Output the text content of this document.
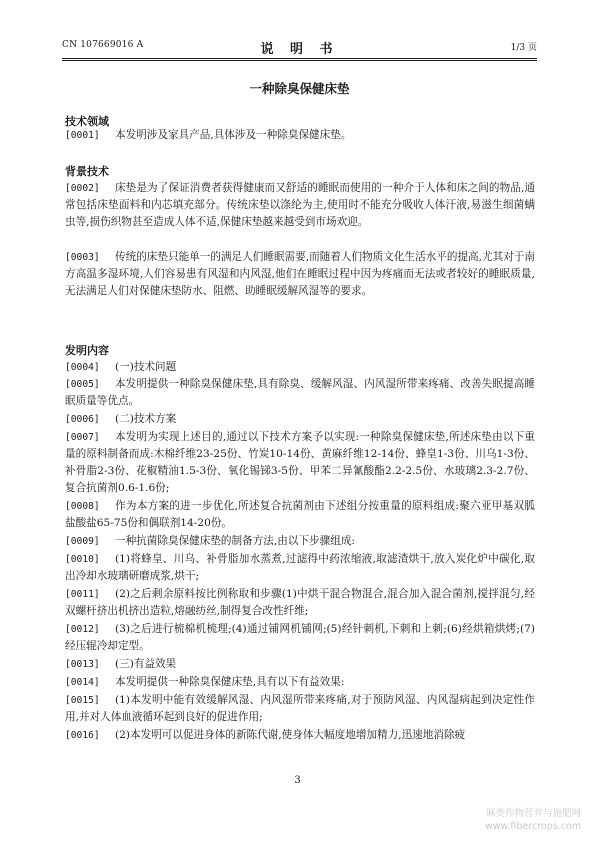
CN 107669016 A	说 明 书	1/3 页
一种除臭保健床垫
技术领域
[0001]	本发明涉及家具产品,具体涉及一种除臭保健床垫。
背景技术
[0002]	床垫是为了保证消费者获得健康而又舒适的睡眠而使用的一种介于人体和床之间的物品,通常包括床垫面料和内芯填充部分。传统床垫以涤纶为主,使用时不能充分吸收人体汗液,易滋生细菌螨虫等,损伤织物甚至造成人体不适,保健床垫越来越受到市场欢迎。
[0003]	传统的床垫只能单一的满足人们睡眠需要,而随着人们物质文化生活水平的提高,尤其对于南方高温多湿环境,人们容易患有风湿和内风湿,他们在睡眠过程中因为疼痛而无法或者较好的睡眠质量,无法满足人们对保健床垫防水、阻燃、助睡眠缓解风湿等的要求。
发明内容
[0004]	(一)技术问题
[0005]	本发明提供一种除臭保健床垫,具有除臭、缓解风湿、内风湿所带来疼痛、改善失眠提高睡眠质量等优点。
[0006]	(二)技术方案
[0007]	本发明为实现上述目的,通过以下技术方案予以实现:一种除臭保健床垫,所述床垫由以下重量的原料制备而成:木棉纤维23-25份、竹炭10-14份、黄麻纤维12-14份、蜂皇1-3份、川乌1-3份、补骨脂2-3份、花椒精油1.5-3份、氧化锡锑3-5份、甲苯二异氰酸酯2.2-2.5份、水玻璃2.3-2.7份、复合抗菌剂0.6-1.6份;
[0008]	作为本方案的进一步优化,所述复合抗菌剂由下述组分按重量的原料组成:聚六亚甲基双胍盐酸盐65-75份和偶联剂14-20份。
[0009]	一种抗菌除臭保健床垫的制备方法,由以下步骤组成:
[0010]	(1)将蜂皇、川乌、补骨脂加水蒸煮,过滤得中药浓缩液,取滤渣烘干,放入炭化炉中碳化,取出冷却水玻璃研磨成浆,烘干;
[0011]	(2)之后剩余原料按比例称取和步骤(1)中烘干混合物混合,混合加入混合菌剂,搅拌混匀,经双螺杆挤出机挤出造粒,熔融纺丝,制得复合改性纤维;
[0012]	(3)之后进行梳棉机梳理;(4)通过铺网机铺网;(5)经针刺机,下刺和上刺;(6)经烘箱烘烤;(7)经压辊冷却定型。
[0013]	(三)有益效果
[0014]	本发明提供一种除臭保健床垫,具有以下有益效果:
[0015]	(1)本发明中能有效缓解风湿、内风湿所带来疼痛,对于预防风湿、内风湿病起到决定性作用,并对人体血液循环起到良好的促进作用;
[0016]	(2)本发明可以促进身体的新陈代谢,使身体大幅度地增加精力,迅速地消除疲
3
麻类作物营养与施肥网
www.fibercrops.com
